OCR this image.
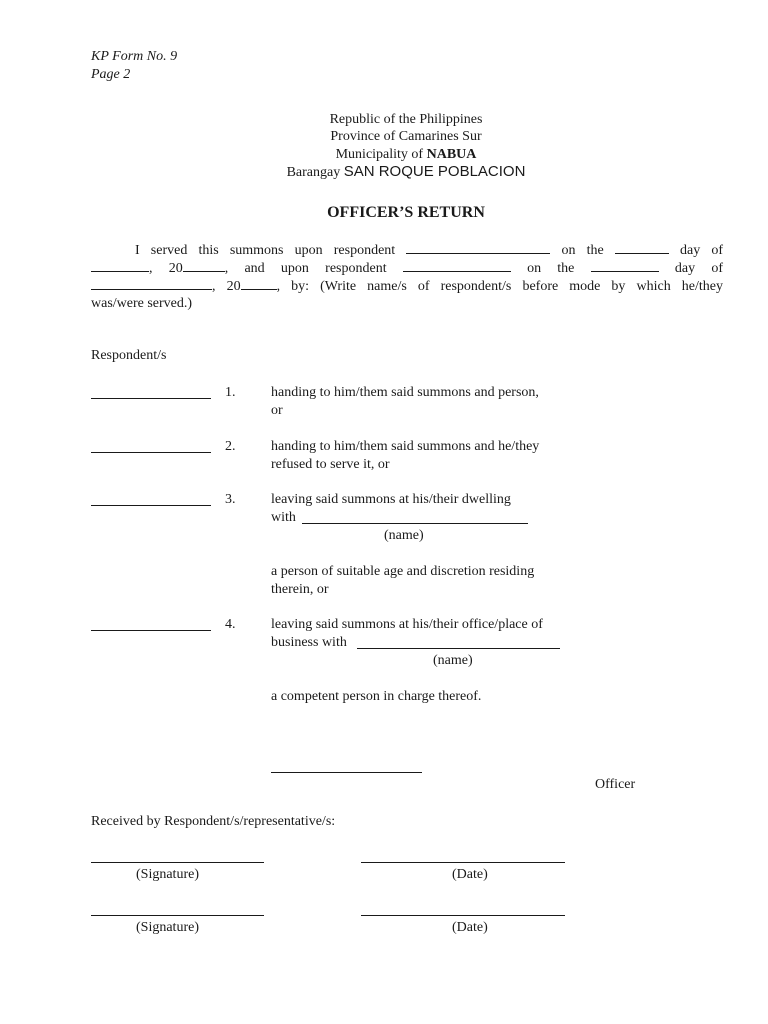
KP Form No. 9
Page 2
Republic of the Philippines
Province of Camarines Sur
Municipality of NABUA
Barangay SAN ROQUE POBLACION
OFFICER’S RETURN
I served this summons upon respondent	on the	day of
, 20	, and upon respondent	on the	day of
, 20	, by: (Write name/s of respondent/s before mode by which he/they
was/were served.)
Respondent/s
1.	handing to him/them said summons and person,
or
2.	handing to him/them said summons and he/they
refused to serve it, or
3.	leaving said summons at his/their dwelling
with
(name)
a person of suitable age and discretion residing
therein, or
4.	leaving said summons at his/their office/place of
business with
(name)
a competent person in charge thereof.
Officer
Received by Respondent/s/representative/s:
(Signature)	(Date)
(Signature)	(Date)
